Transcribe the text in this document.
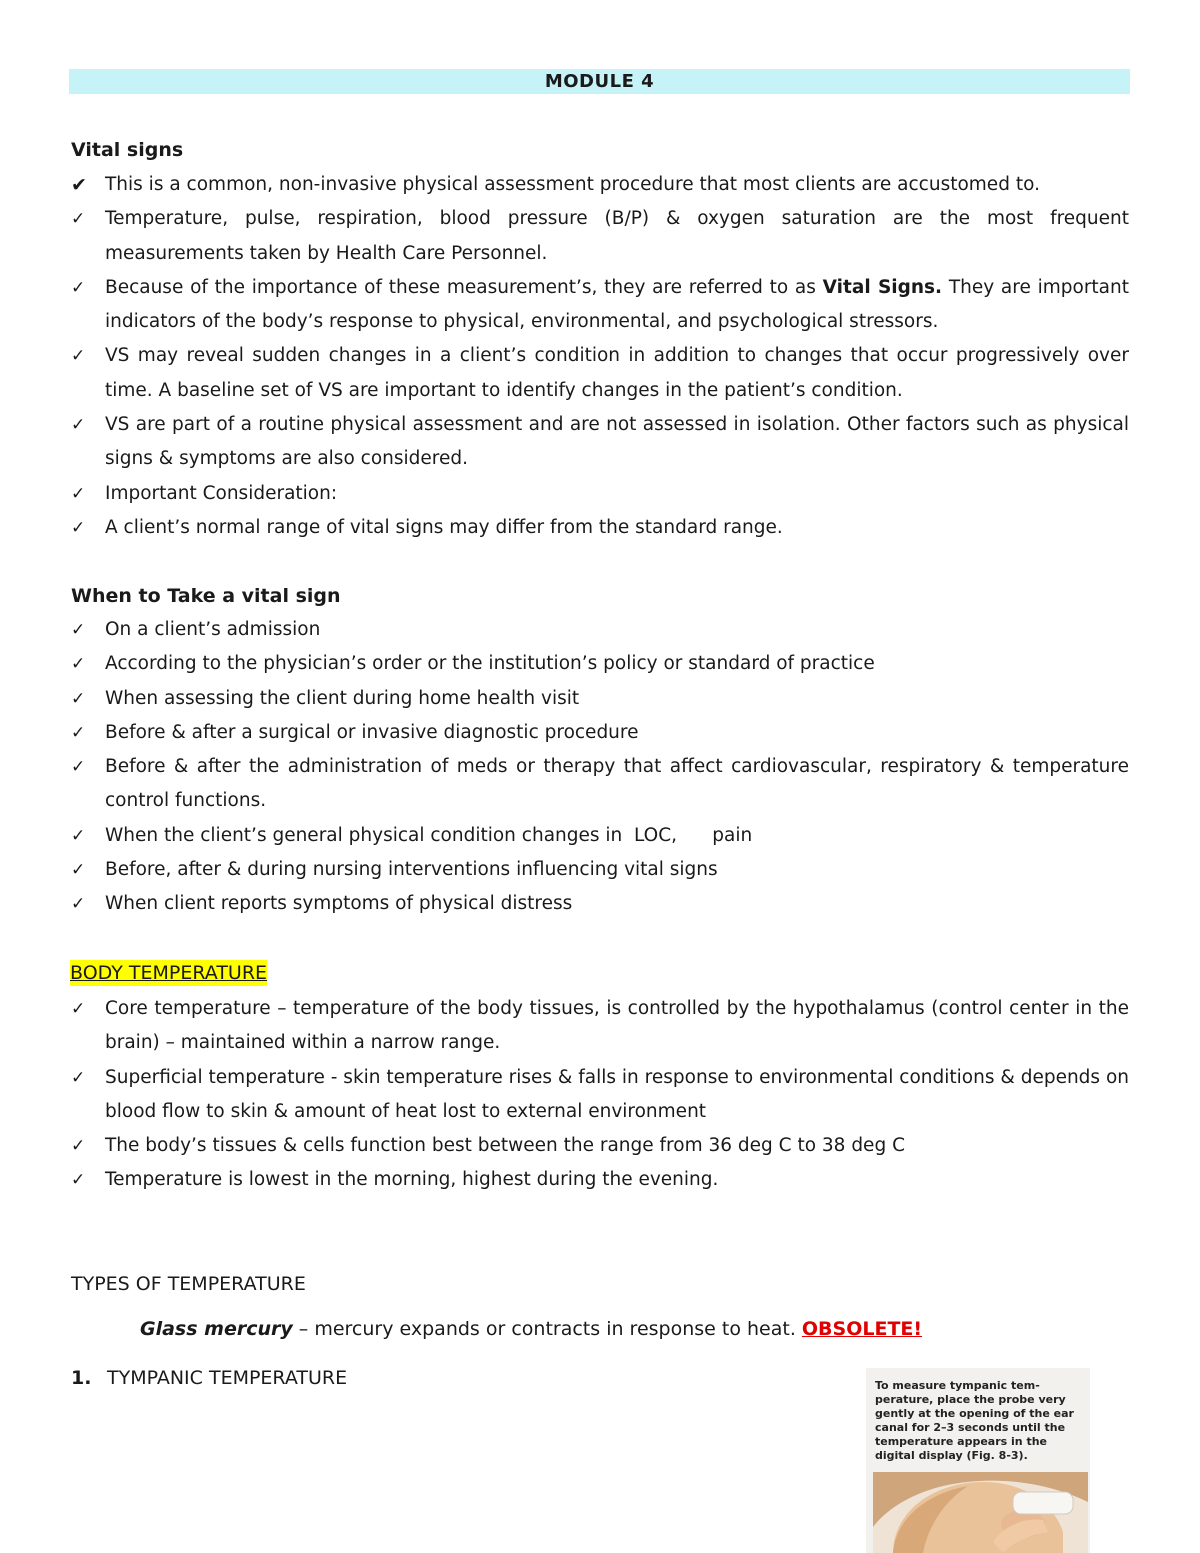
MODULE 4
Vital signs
✔ This is a common, non-invasive physical assessment procedure that most clients are accustomed to.
✓	Temperature, pulse, respiration, blood pressure (B/P) & oxygen saturation are the most frequent measurements taken by Health Care Personnel.
✓	Because of the importance of these measurement’s, they are referred to as Vital Signs. They are important indicators of the body’s response to physical, environmental, and psychological stressors.
✓	VS may reveal sudden changes in a client’s condition in addition to changes that occur progressively over time. A baseline set of VS are important to identify changes in the patient’s condition.
✓	VS are part of a routine physical assessment and are not assessed in isolation. Other factors such as physical signs & symptoms are also considered.
✓	Important Consideration:
✓	A client’s normal range of vital signs may differ from the standard range.
When to Take a vital sign
✓	On a client’s admission
✓	According to the physician’s order or the institution’s policy or standard of practice
✓	When assessing the client during home health visit
✓	Before & after a surgical or invasive diagnostic procedure
✓	Before & after the administration of meds or therapy that affect cardiovascular, respiratory & temperature control functions.
✓	When the client’s general physical condition changes in  LOC,      pain
✓	Before, after & during nursing interventions influencing vital signs
✓	When client reports symptoms of physical distress
BODY TEMPERATURE
✓	Core temperature – temperature of the body tissues, is controlled by the hypothalamus (control center in the brain) – maintained within a narrow range.
✓	Superficial temperature - skin temperature rises & falls in response to environmental conditions & depends on blood flow to skin & amount of heat lost to external environment
✓	The body’s tissues & cells function best between the range from 36 deg C to 38 deg C
✓	Temperature is lowest in the morning, highest during the evening.
TYPES OF TEMPERATURE
Glass mercury – mercury expands or contracts in response to heat. OBSOLETE!
1. TYMPANIC TEMPERATURE	To measure tympanic tem-perature, place the probe very gently at the opening of the ear canal for 2–3 seconds until the temperature appears in the digital display (Fig. 8-3).
